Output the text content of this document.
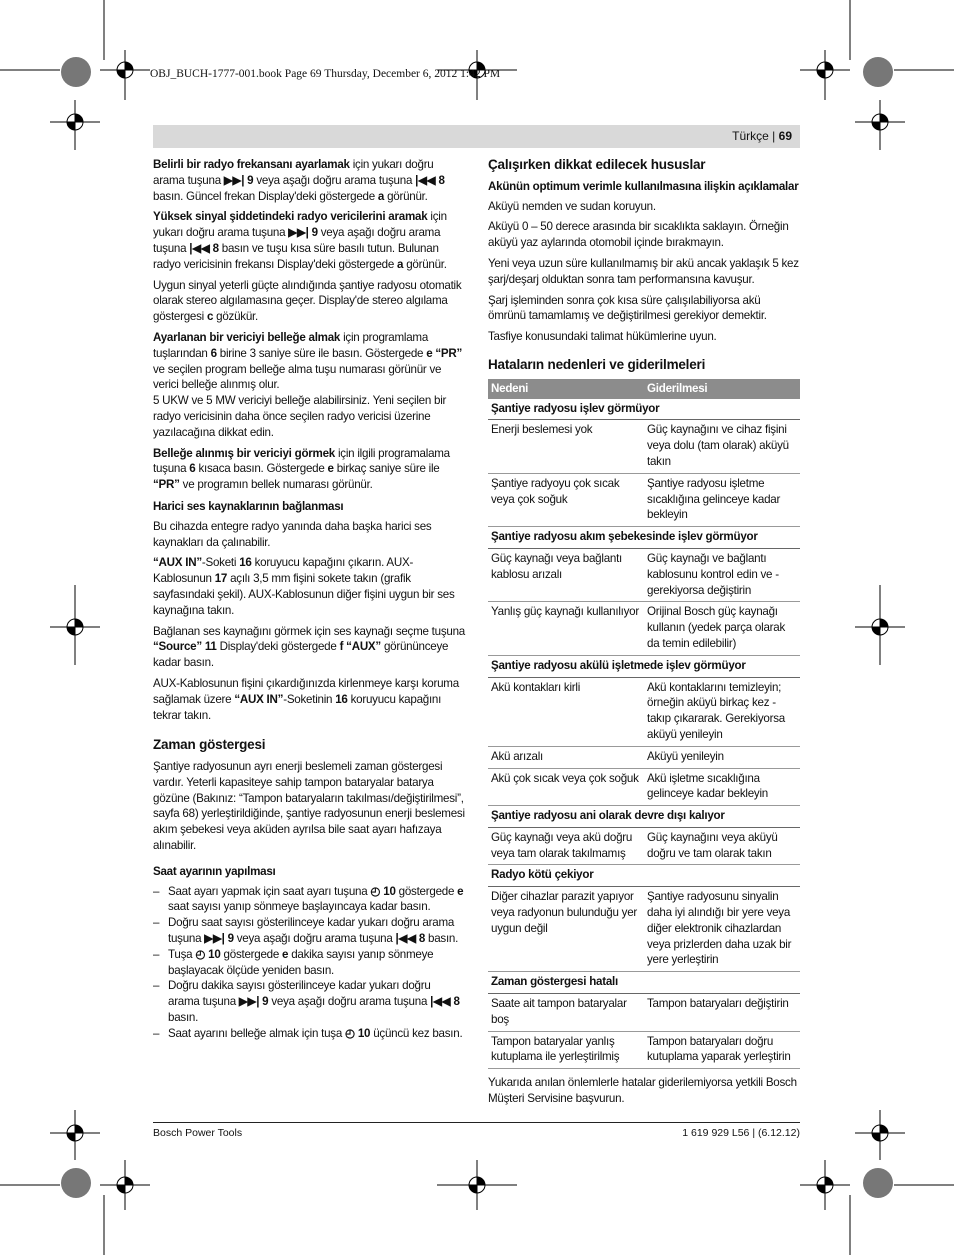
OBJ_BUCH-1777-001.book Page 69 Thursday, December 6, 2012 1:42 PM
Türkçe | 69

Belirli bir radyo frekansanı ayarlamak için yukarı doğru arama tuşuna ▶▶| 9 veya aşağı doğru arama tuşuna |◀◀ 8 basın. Güncel frekan Display'deki göstergede a görünür.

Yüksek sinyal şiddetindeki radyo vericilerini aramak için yukarı doğru arama tuşuna ▶▶| 9 veya aşağı doğru arama tuşuna |◀◀ 8 basın ve tuşu kısa süre basılı tutun. Bulunan radyo vericisinin frekansı Display'deki göstergede a görünür.

Uygun sinyal yeterli güçte alındığında şantiye radyosu otomatik olarak stereo algılamasına geçer. Display'de stereo algılama göstergesi c gözükür.

Ayarlanan bir vericiyi belleğe almak için programlama tuşlarından 6 birine 3 saniye süre ile basın. Göstergede e “PR” ve seçilen program belleğe alma tuşu numarası görünür ve verici belleğe alınmış olur.

5 UKW ve 5 MW vericiyi belleğe alabilirsiniz. Yeni seçilen bir radyo vericisinin daha önce seçilen radyo vericisi üzerine yazılacağına dikkat edin.

Belleğe alınmış bir vericiyi görmek için ilgili programalama tuşuna 6 kısaca basın. Göstergede e birkaç saniye süre ile “PR” ve programın bellek numarası görünür.

Harici ses kaynaklarının bağlanması

Bu cihazda entegre radyo yanında daha başka harici ses kaynakları da çalınabilir.

“AUX IN”-Soketi 16 koruyucu kapağını çıkarın. AUX-Kablosunun 17 açılı 3,5 mm fişini sokete takın (grafik sayfasındaki şekil). AUX-Kablosunun diğer fişini uygun bir ses kaynağına takın.

Bağlanan ses kaynağını görmek için ses kaynağı seçme tuşuna “Source” 11 Display'deki göstergede f “AUX” görününceye kadar basın.

AUX-Kablosunun fişini çıkardığınızda kirlenmeye karşı koruma sağlamak üzere “AUX IN”-Soketinin 16 koruyucu kapağını tekrar takın.

Zaman göstergesi

Şantiye radyosunun ayrı enerji beslemeli zaman göstergesi vardır. Yeterli kapasiteye sahip tampon bataryalar batarya gözüne (Bakınız: “Tampon bataryaların takılması/değiştirilmesi”, sayfa 68) yerleştirildiğinde, şantiye radyosunun enerji beslemesi akım şebekesi veya aküden ayrılsa bile saat ayarı hafızaya alınabilir.

Saat ayarının yapılması
– Saat ayarı yapmak için saat ayarı tuşuna ◴ 10 göstergede e saat sayısı yanıp sönmeye başlayıncaya kadar basın.
– Doğru saat sayısı gösterilinceye kadar yukarı doğru arama tuşuna ▶▶| 9 veya aşağı doğru arama tuşuna |◀◀ 8 basın.
– Tuşa ◴ 10 göstergede e dakika sayısı yanıp sönmeye başlayacak ölçüde yeniden basın.
– Doğru dakika sayısı gösterilinceye kadar yukarı doğru arama tuşuna ▶▶| 9 veya aşağı doğru arama tuşuna |◀◀ 8 basın.
– Saat ayarını belleğe almak için tuşa ◴ 10 üçüncü kez basın.
Çalışırken dikkat edilecek hususlar
Akünün optimum verimle kullanılmasına ilişkin açıklamalar

Aküyü nemden ve sudan koruyun.

Aküyü 0 – 50 derece arasında bir sıcaklıkta saklayın. Örneğin aküyü yaz aylarında otomobil içinde bırakmayın.

Yeni veya uzun süre kullanılmamış bir akü ancak yaklaşık 5 kez şarj/deşarj olduktan sonra tam performansına kavuşur.

Şarj işleminden sonra çok kısa süre çalışılabiliyorsa akü ömrünü tamamlamış ve değiştirilmesi gerekiyor demektir.

Tasfiye konusundaki talimat hükümlerine uyun.

Hataların nedenleri ve giderilmeleri
Nedeni	Giderilmesi
Şantiye radyosu işlev görmüyor	
Enerji beslemesi yok	Güç kaynağını ve cihaz fişini veya dolu (tam olarak) aküyü takın
Şantiye radyoyu çok sıcak veya çok soğuk	Şantiye radyosu işletme sıcaklığına gelinceye kadar bekleyin
Şantiye radyosu akım şebekesinde işlev görmüyor	
Güç kaynağı veya bağlantı kablosu arızalı	Güç kaynağı ve bağlantı kablosunu kontrol edin ve - gerekiyorsa değiştirin
Yanlış güç kaynağı kullanılıyor	Orijinal Bosch güç kaynağı kullanın (yedek parça olarak da temin edilebilir)
Şantiye radyosu akülü işletmede işlev görmüyor	
Akü kontakları kirli	Akü kontaklarını temizleyin; örneğin aküyü birkaç kez - takıp çıkararak. Gerekiyorsa aküyü yenileyin
Akü arızalı	Aküyü yenileyin
Akü çok sıcak veya çok soğuk	Akü işletme sıcaklığına gelinceye kadar bekleyin
Şantiye radyosu ani olarak devre dışı kalıyor	
Güç kaynağı veya akü doğru veya tam olarak takılmamış	Güç kaynağını veya aküyü doğru ve tam olarak takın
Radyo kötü çekiyor	
Diğer cihazlar parazit yapıyor veya radyonun bulunduğu yer uygun değil	Şantiye radyosunu sinyalin daha iyi alındığı bir yere veya diğer elektronik cihazlardan veya prizlerden daha uzak bir yere yerleştirin
Zaman göstergesi hatalı	
Saate ait tampon bataryalar boş	Tampon bataryaları değiştirin
Tampon bataryalar yanlış kutuplama ile yerleştirilmiş	Tampon bataryaları doğru kutuplama yaparak yerleştirin

Yukarıda anılan önlemlerle hatalar giderilemiyorsa yetkili Bosch Müşteri Servisine başvurun.

Bosch Power Tools	1 619 929 L56 | (6.12.12)
